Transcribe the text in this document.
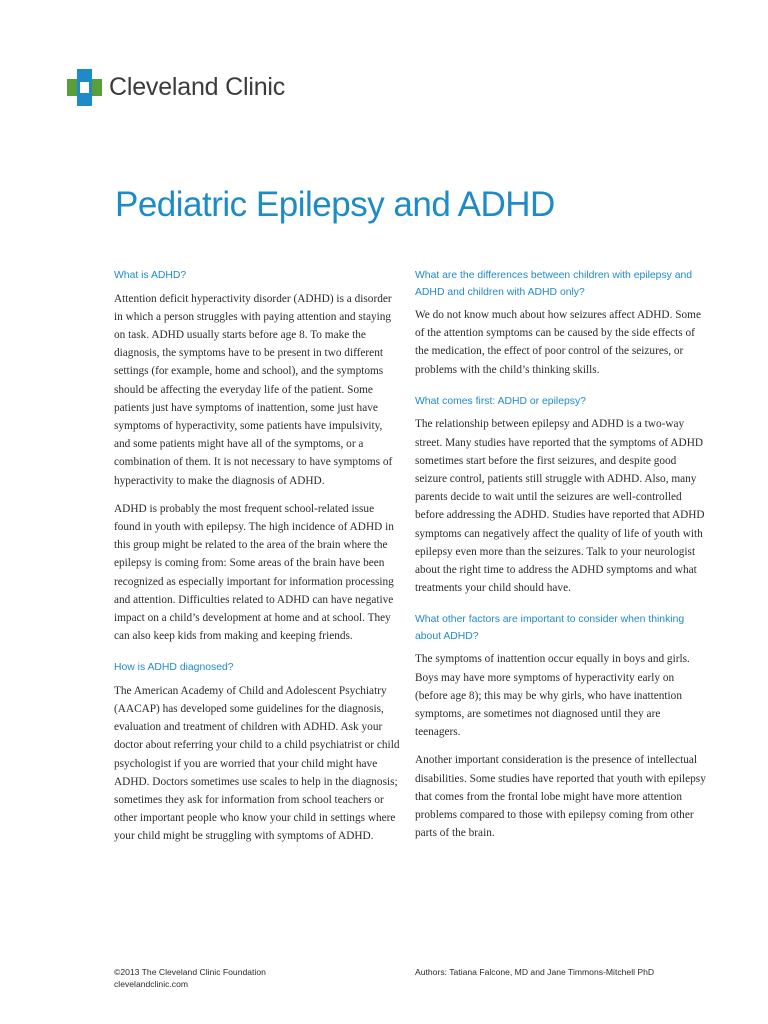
Cleveland Clinic
Pediatric Epilepsy and ADHD
What is ADHD?

Attention deficit hyperactivity disorder (ADHD) is a disorder in which a person struggles with paying attention and staying on task. ADHD usually starts before age 8. To make the diagnosis, the symptoms have to be present in two different settings (for example, home and school), and the symptoms should be affecting the everyday life of the patient. Some patients just have symptoms of inattention, some just have symptoms of hyperactivity, some patients have impulsivity, and some patients might have all of the symptoms, or a combination of them. It is not necessary to have symptoms of hyperactivity to make the diagnosis of ADHD.

ADHD is probably the most frequent school-related issue found in youth with epilepsy. The high incidence of ADHD in this group might be related to the area of the brain where the epilepsy is coming from: Some areas of the brain have been recognized as especially important for information processing and attention. Difficulties related to ADHD can have negative impact on a child’s development at home and at school. They can also keep kids from making and keeping friends.

How is ADHD diagnosed?

The American Academy of Child and Adolescent Psychiatry (AACAP) has developed some guidelines for the diagnosis, evaluation and treatment of children with ADHD. Ask your doctor about referring your child to a child psychiatrist or child psychologist if you are worried that your child might have ADHD. Doctors sometimes use scales to help in the diagnosis; sometimes they ask for information from school teachers or other important people who know your child in settings where your child might be struggling with symptoms of ADHD.

What are the differences between children with epilepsy and ADHD and children with ADHD only?

We do not know much about how seizures affect ADHD. Some of the attention symptoms can be caused by the side effects of the medication, the effect of poor control of the seizures, or problems with the child’s thinking skills.

What comes first: ADHD or epilepsy?

The relationship between epilepsy and ADHD is a two-way street. Many studies have reported that the symptoms of ADHD sometimes start before the first seizures, and despite good seizure control, patients still struggle with ADHD. Also, many parents decide to wait until the seizures are well-controlled before addressing the ADHD. Studies have reported that ADHD symptoms can negatively affect the quality of life of youth with epilepsy even more than the seizures. Talk to your neurologist about the right time to address the ADHD symptoms and what treatments your child should have.

What other factors are important to consider when thinking about ADHD?

The symptoms of inattention occur equally in boys and girls. Boys may have more symptoms of hyperactivity early on (before age 8); this may be why girls, who have inattention symptoms, are sometimes not diagnosed until they are teenagers.

Another important consideration is the presence of intellectual disabilities. Some studies have reported that youth with epilepsy that comes from the frontal lobe might have more attention problems compared to those with epilepsy coming from other parts of the brain.

©2013 The Cleveland Clinic Foundation
clevelandclinic.com
Authors: Tatiana Falcone, MD and Jane Timmons-Mitchell PhD
